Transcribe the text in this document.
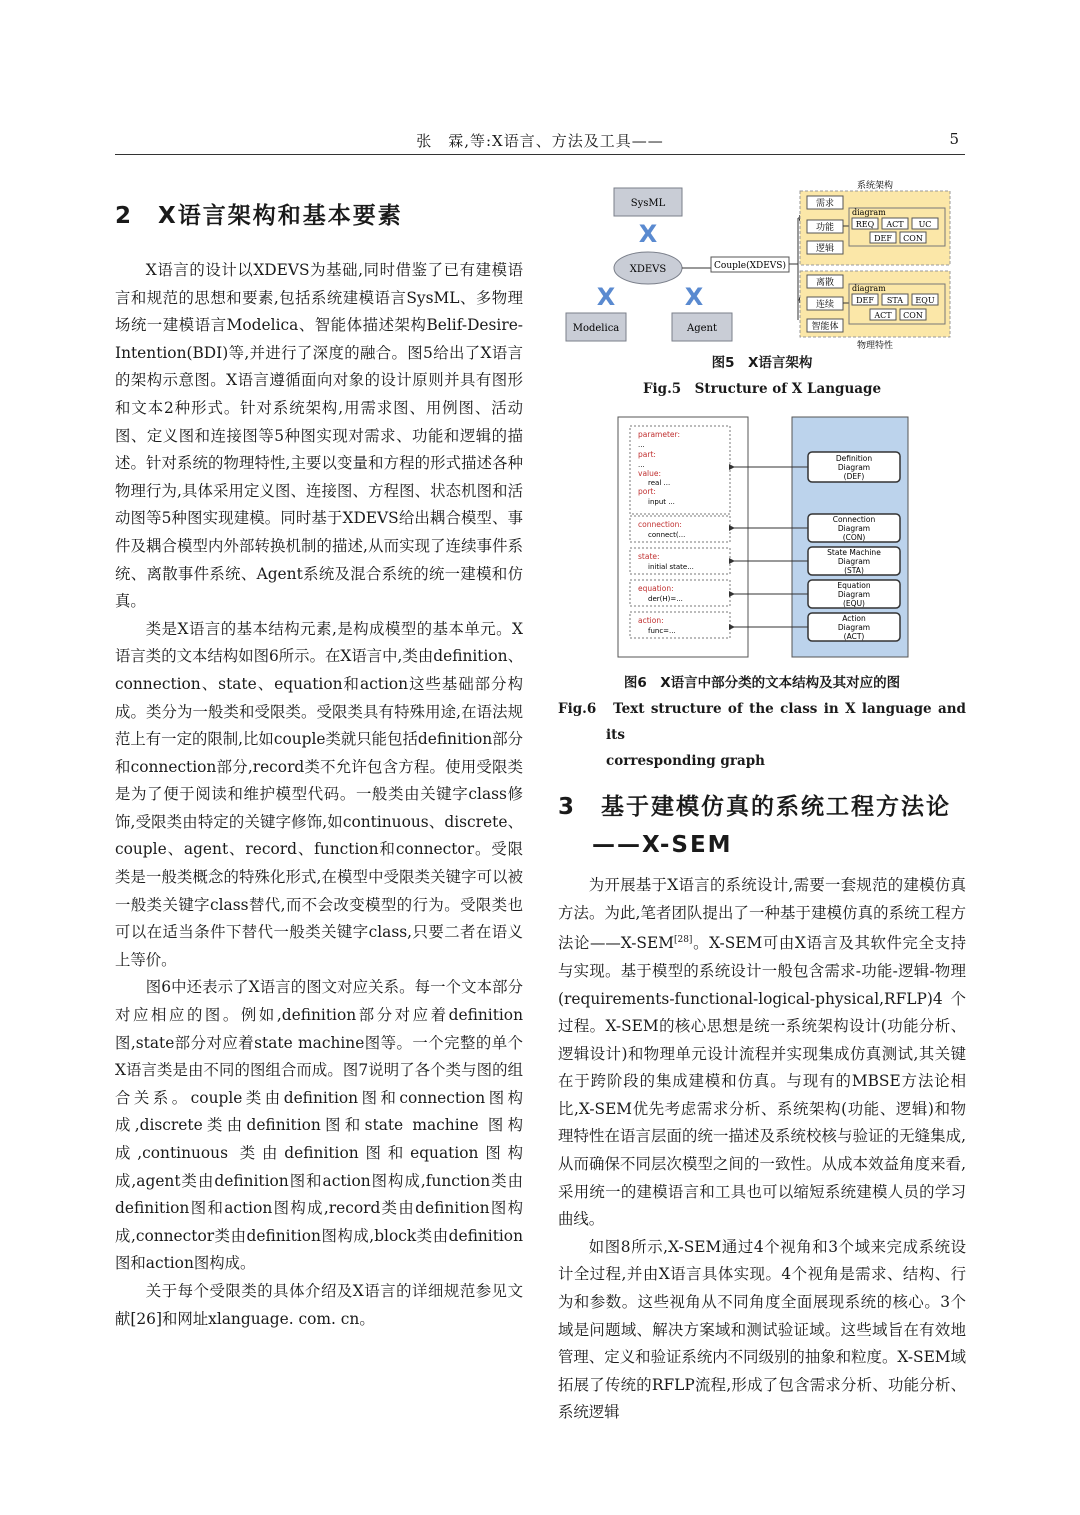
张　霖,等:X语言、方法及工具——	5
2　X语言架构和基本要素

X语言的设计以XDEVS为基础,同时借鉴了已有建模语言和规范的思想和要素,包括系统建模语言SysML、多物理场统一建模语言Modelica、智能体描述架构Belif-Desire-Intention(BDI)等,并进行了深度的融合。图5给出了X语言的架构示意图。X语言遵循面向对象的设计原则并具有图形和文本2种形式。针对系统架构,用需求图、用例图、活动图、定义图和连接图等5种图实现对需求、功能和逻辑的描述。针对系统的物理特性,主要以变量和方程的形式描述各种物理行为,具体采用定义图、连接图、方程图、状态机图和活动图等5种图实现建模。同时基于XDEVS给出耦合模型、事件及耦合模型内外部转换机制的描述,从而实现了连续事件系统、离散事件系统、Agent系统及混合系统的统一建模和仿真。

类是X语言的基本结构元素,是构成模型的基本单元。X语言类的文本结构如图6所示。在X语言中,类由definition、connection、state、equation和action这些基础部分构成。类分为一般类和受限类。受限类具有特殊用途,在语法规范上有一定的限制,比如couple类就只能包括definition部分和connection部分,record类不允许包含方程。使用受限类是为了便于阅读和维护模型代码。一般类由关键字class修饰,受限类由特定的关键字修饰,如continuous、discrete、couple、agent、record、function和connector。受限类是一般类概念的特殊化形式,在模型中受限类关键字可以被一般类关键字class替代,而不会改变模型的行为。受限类也可以在适当条件下替代一般类关键字class,只要二者在语义上等价。

图6中还表示了X语言的图文对应关系。每一个文本部分对应相应的图。例如,definition部分对应着definition图,state部分对应着state machine图等。一个完整的单个X语言类是由不同的图组合而成。图7说明了各个类与图的组合关系。couple类由definition图和connection图构成,discrete类由definition图和state machine 图构成,continuous 类由definition图和equation图构成,agent类由definition图和action图构成,function类由definition图和action图构成,record类由definition图构成,connector类由definition图构成,block类由definition图和action图构成。

关于每个受限类的具体介绍及X语言的详细规范参见文献[26]和网址xlanguage. com. cn。

SysML
XDEVS
Modelica	Agent
X
X	X
Couple(XDEVS)
系统架构
需求
功能
逻辑
diagram
REQ ACT UC
DEF CON
物理特性
离散
连续
智能体
diagram
DEF STA EQU
ACT CON
图5　X语言架构
Fig.5　Structure of X Language
parameter:
...
part:
...
value:
real ...
port:
input ...
connection:
connect(...
state:
initial state...
equation:
der(H)=...
action:
func=...
Definition
Diagram
(DEF)
Connection
Diagram
(CON)
State Machine
Diagram
(STA)
Equation
Diagram
(EQU)
Action
Diagram
(ACT)
图6　X语言中部分类的文本结构及其对应的图
Fig.6　Text structure of the class in X language and its
corresponding graph
3　基于建模仿真的系统工程方法论
——X-SEM

为开展基于X语言的系统设计,需要一套规范的建模仿真方法。为此,笔者团队提出了一种基于建模仿真的系统工程方法论——X-SEM[28]。X-SEM可由X语言及其软件完全支持与实现。基于模型的系统设计一般包含需求-功能-逻辑-物理(requirements-functional-logical-physical,RFLP)4个过程。X-SEM的核心思想是统一系统架构设计(功能分析、逻辑设计)和物理单元设计流程并实现集成仿真测试,其关键在于跨阶段的集成建模和仿真。与现有的MBSE方法论相比,X-SEM优先考虑需求分析、系统架构(功能、逻辑)和物理特性在语言层面的统一描述及系统校核与验证的无缝集成,从而确保不同层次模型之间的一致性。从成本效益角度来看,采用统一的建模语言和工具也可以缩短系统建模人员的学习曲线。

如图8所示,X-SEM通过4个视角和3个域来完成系统设计全过程,并由X语言具体实现。4个视角是需求、结构、行为和参数。这些视角从不同角度全面展现系统的核心。3个域是问题域、解决方案域和测试验证域。这些域旨在有效地管理、定义和验证系统内不同级别的抽象和粒度。X-SEM域拓展了传统的RFLP流程,形成了包含需求分析、功能分析、系统逻辑
